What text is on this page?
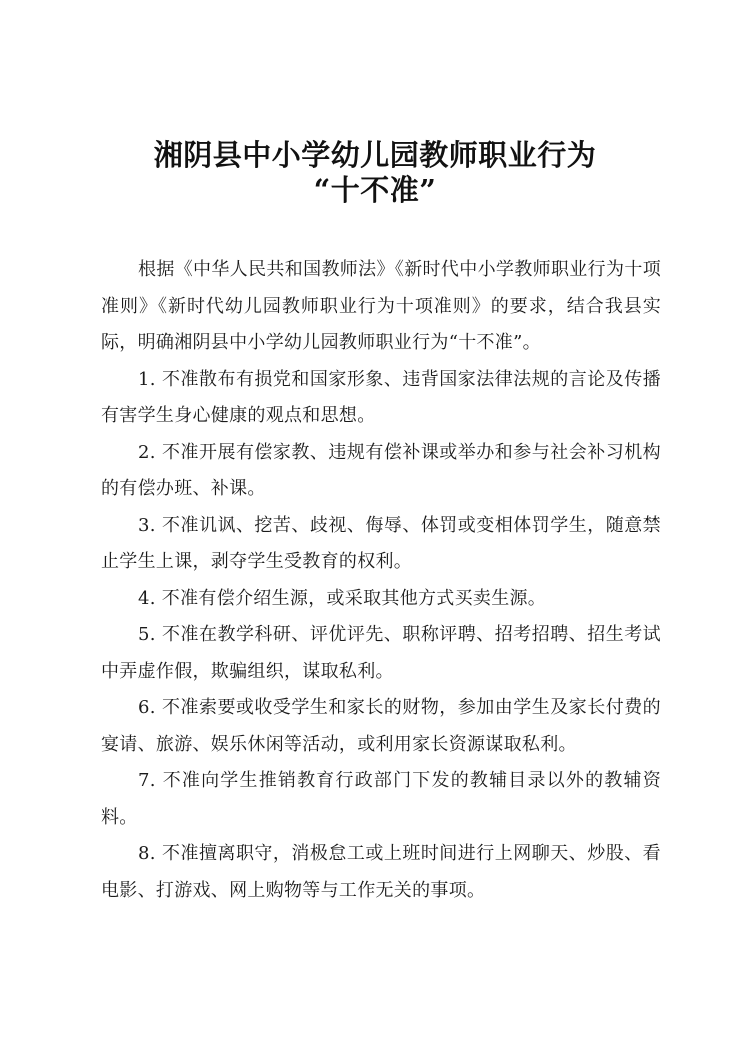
湘阴县中小学幼儿园教师职业行为
“十不准”

根据《中华人民共和国教师法》《新时代中小学教师职业行为十项准则》《新时代幼儿园教师职业行为十项准则》的要求，结合我县实际，明确湘阴县中小学幼儿园教师职业行为“十不准”。

1. 不准散布有损党和国家形象、违背国家法律法规的言论及传播有害学生身心健康的观点和思想。

2. 不准开展有偿家教、违规有偿补课或举办和参与社会补习机构的有偿办班、补课。

3. 不准讥讽、挖苦、歧视、侮辱、体罚或变相体罚学生，随意禁止学生上课，剥夺学生受教育的权利。

4. 不准有偿介绍生源，或采取其他方式买卖生源。

5. 不准在教学科研、评优评先、职称评聘、招考招聘、招生考试中弄虚作假，欺骗组织，谋取私利。

6. 不准索要或收受学生和家长的财物，参加由学生及家长付费的宴请、旅游、娱乐休闲等活动，或利用家长资源谋取私利。

7. 不准向学生推销教育行政部门下发的教辅目录以外的教辅资料。

8. 不准擅离职守，消极怠工或上班时间进行上网聊天、炒股、看电影、打游戏、网上购物等与工作无关的事项。
